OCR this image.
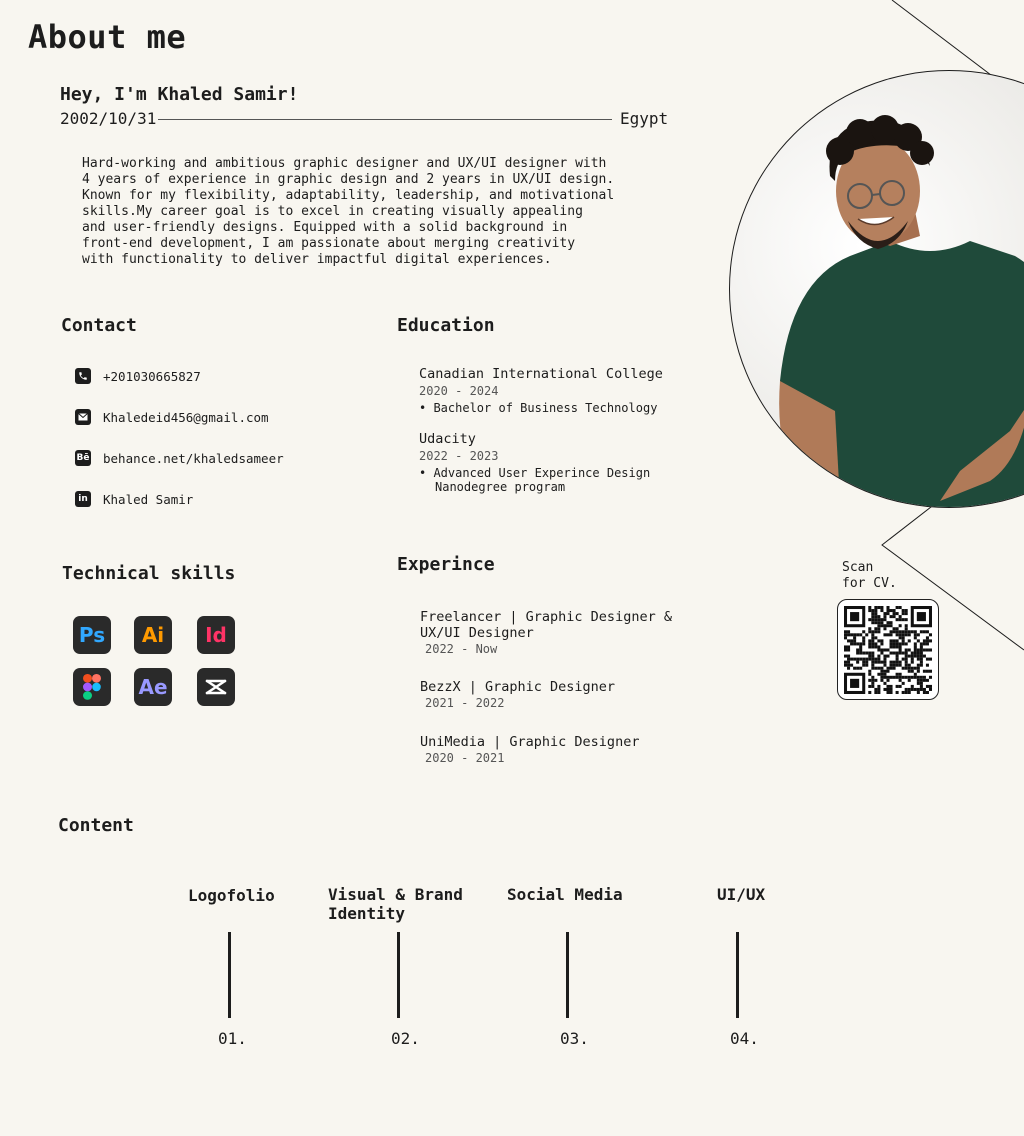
About me
Hey, I'm Khaled Samir!
2002/10/31	Egypt
Hard-working and ambitious graphic designer and UX/UI designer with
4 years of experience in graphic design and 2 years in UX/UI design.
Known for my flexibility, adaptability, leadership, and motivational
skills.My career goal is to excel in creating visually appealing
and user-friendly designs. Equipped with a solid background in
front-end development, I am passionate about merging creativity
with functionality to deliver impactful digital experiences.
Contact
+201030665827
Khaledeid456@gmail.com
Bē behance.net/khaledsameer
in Khaled Samir
Education
Canadian International College
2020 - 2024
• Bachelor of Business Technology
Udacity
2022 - 2023
• Advanced User Experince Design Nanodegree program
Technical skills
Ps Ai Id
Ae
Experince
Freelancer | Graphic Designer & UX/UI Designer
2022 - Now
BezzX | Graphic Designer
2021 - 2022
UniMedia | Graphic Designer
2020 - 2021
Scan
for CV.
Content
Logofolio	Visual & Brand Identity
Social Media	UI/UX
01.	02.	03.	04.
